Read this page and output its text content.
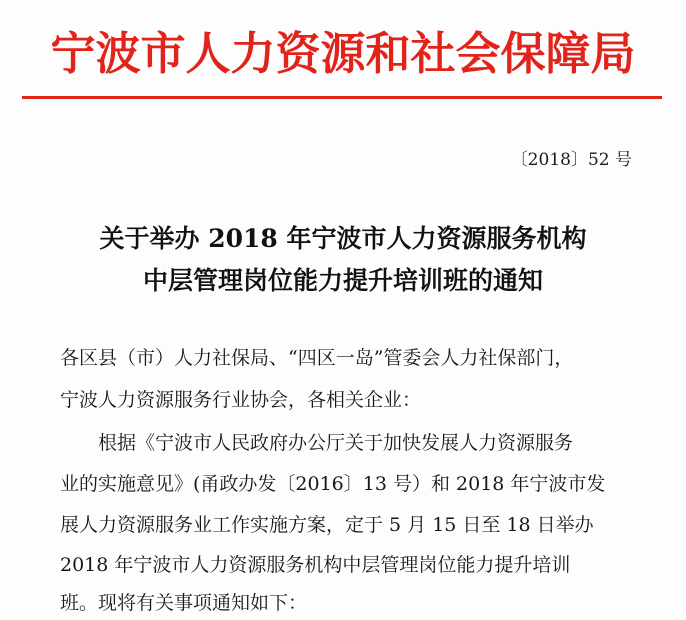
宁波市人力资源和社会保障局
〔2018〕52 号
关于举办 2018 年宁波市人力资源服务机构
中层管理岗位能力提升培训班的通知
各区县（市）人力社保局、“四区一岛”管委会人力社保部门，
宁波人力资源服务行业协会，各相关企业：
根据《宁波市人民政府办公厅关于加快发展人力资源服务
业的实施意见》(甬政办发〔2016〕13 号）和 2018 年宁波市发
展人力资源服务业工作实施方案，定于 5 月 15 日至 18 日举办
2018 年宁波市人力资源服务机构中层管理岗位能力提升培训
班。现将有关事项通知如下：
